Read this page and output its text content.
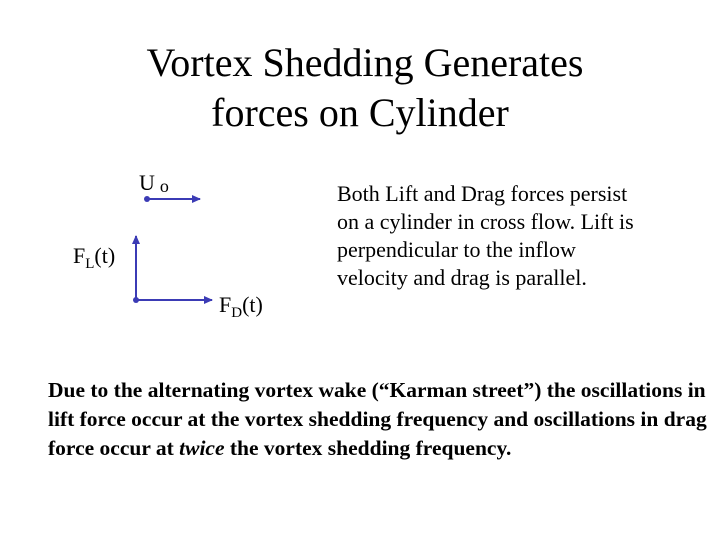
Vortex Shedding Generates
forces on Cylinder
U o
$F_L(t)$
$F_D(t)$
Both Lift and Drag forces persist on a cylinder in cross flow. Lift is perpendicular to the inflow velocity and drag is parallel.
Due to the alternating vortex wake (“Karman street”) the oscillations in lift force occur at the vortex shedding frequency and oscillations in drag force occur at twice the vortex shedding frequency.
